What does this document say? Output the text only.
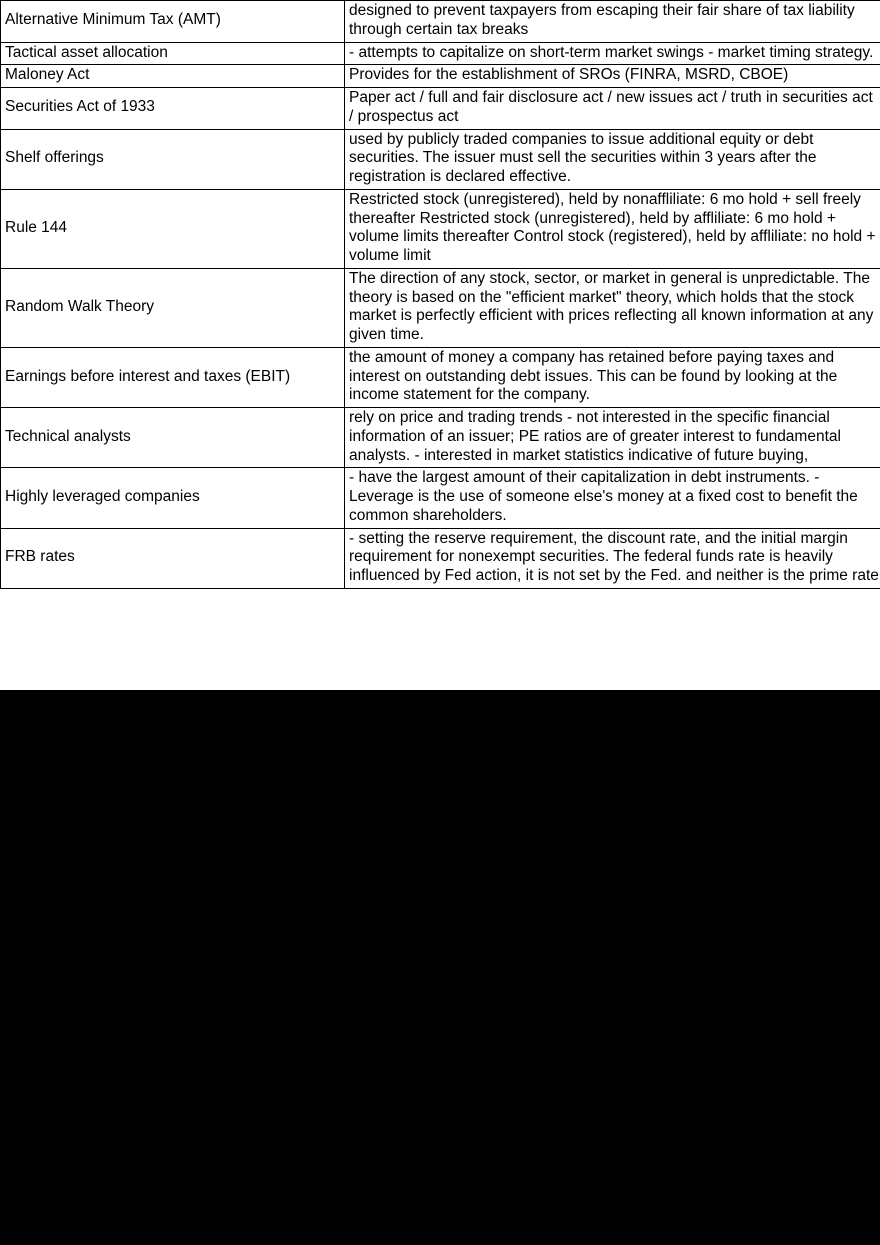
Alternative Minimum Tax (AMT)	designed to prevent taxpayers from escaping their fair share of tax liability through certain tax breaks
Tactical asset allocation	- attempts to capitalize on short-term market swings - market timing strategy.
Maloney Act	Provides for the establishment of SROs (FINRA, MSRD, CBOE)
Securities Act of 1933	Paper act / full and fair disclosure act / new issues act / truth in securities act / prospectus act
Shelf offerings	used by publicly traded companies to issue additional equity or debt securities. The issuer must sell the securities within 3 years after the registration is declared effective.
Rule 144	Restricted stock (unregistered), held by nonaffliliate: 6 mo hold + sell freely thereafter Restricted stock (unregistered), held by affliliate: 6 mo hold + volume limits thereafter Control stock (registered), held by affliliate: no hold + volume limit
Random Walk Theory	The direction of any stock, sector, or market in general is unpredictable. The theory is based on the "efficient market" theory, which holds that the stock market is perfectly efficient with prices reflecting all known information at any given time.
Earnings before interest and taxes (EBIT)	the amount of money a company has retained before paying taxes and interest on outstanding debt issues. This can be found by looking at the income statement for the company.
Technical analysts	rely on price and trading trends - not interested in the specific financial information of an issuer; PE ratios are of greater interest to fundamental analysts. - interested in market statistics indicative of future buying,
Highly leveraged companies	- have the largest amount of their capitalization in debt instruments. - Leverage is the use of someone else's money at a fixed cost to benefit the common shareholders.
FRB rates	- setting the reserve requirement, the discount rate, and the initial margin requirement for nonexempt securities. The federal funds rate is heavily influenced by Fed action, it is not set by the Fed. and neither is the prime rate
